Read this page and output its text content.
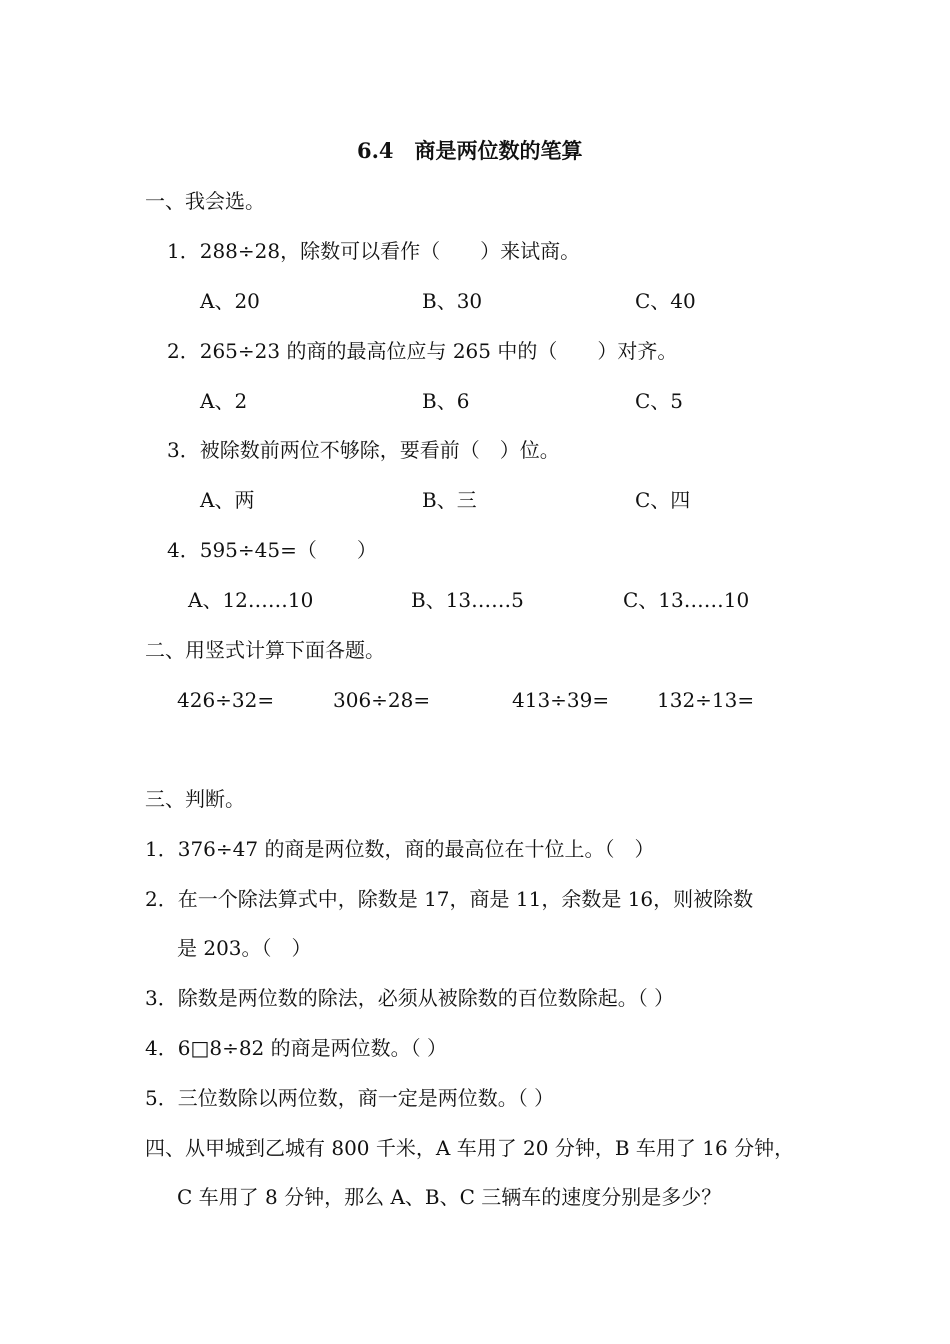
6.4　商是两位数的笔算
一、我会选。
1．288÷28，除数可以看作（　　）来试商。
A、20	B、30	C、40
2．265÷23 的商的最高位应与 265 中的（　　）对齐。
A、2	B、6	C、5
3．被除数前两位不够除，要看前（　）位。
A、两	B、三	C、四
4．595÷45=（　　）
A、12……10	B、13……5	C、13……10
二、用竖式计算下面各题。
426÷32=	306÷28=	413÷39= 132÷13=
三、判断。
1．376÷47 的商是两位数，商的最高位在十位上。（　）
2．在一个除法算式中，除数是 17，商是 11，余数是 16，则被除数
是 203。（　）
3．除数是两位数的除法，必须从被除数的百位数除起。（ ）
4．6□8÷82 的商是两位数。（ ）
5．三位数除以两位数，商一定是两位数。（ ）
四、从甲城到乙城有 800 千米，A 车用了 20 分钟，B 车用了 16 分钟，
C 车用了 8 分钟，那么 A、B、C 三辆车的速度分别是多少？
